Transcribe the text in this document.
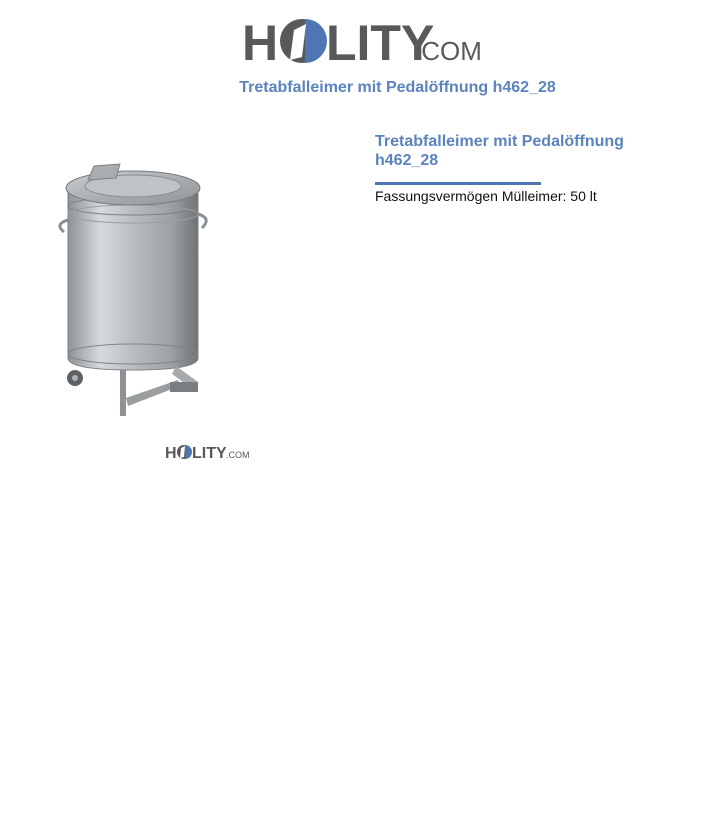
H LITY
.COM
Tretabfalleimer mit Pedalöffnung h462_28
H LITY .COM
Tretabfalleimer mit Pedalöffnung h462_28
Fassungsvermögen Mülleimer: 50 lt
